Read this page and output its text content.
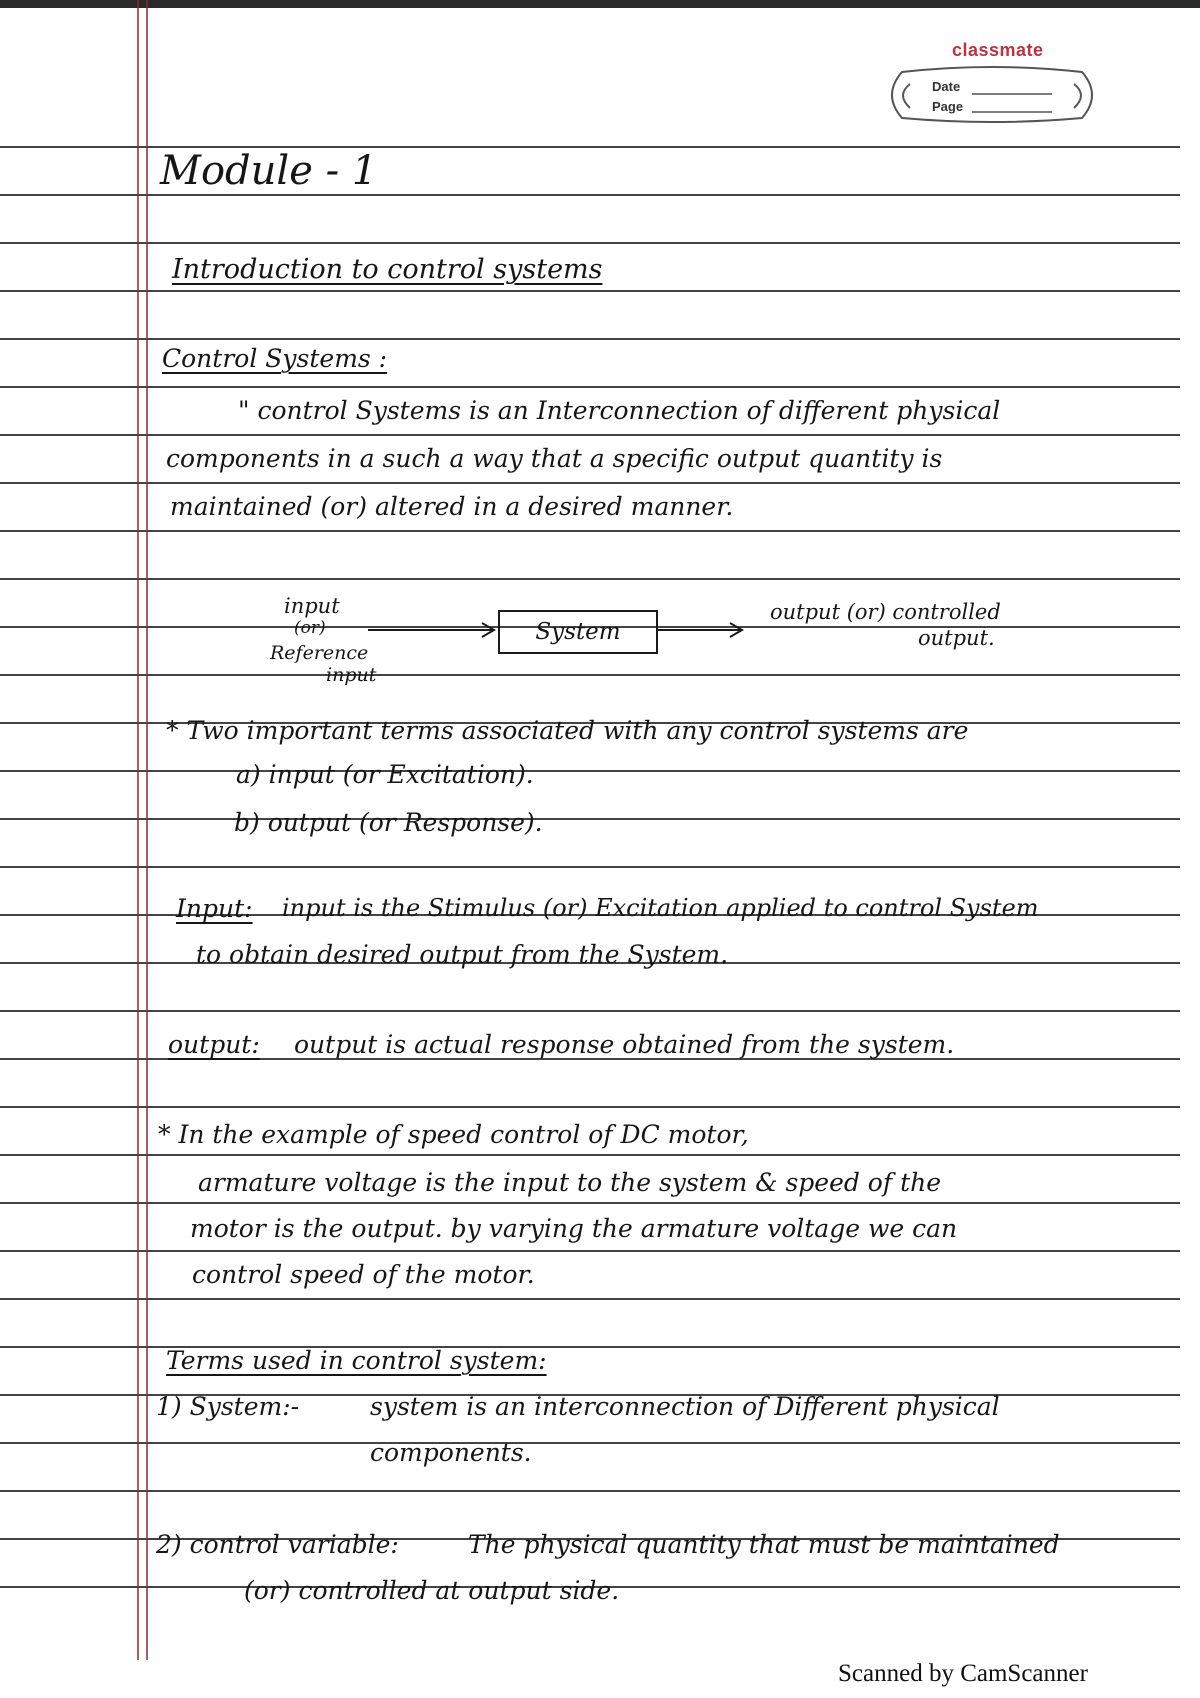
classmate
Date
Page
Module - 1
Introduction to control systems
Control Systems :
" control Systems is an Interconnection of different physical
components in a such a way that a specific output quantity is
maintained (or) altered in a desired manner.
input
(or)
Reference
input
System
output (or) controlled
output.
* Two important terms associated with any control systems are
a) input (or Excitation).
b) output (or Response).
Input: input is the Stimulus (or) Excitation applied to control System
to obtain desired output from the System.
output: output is actual response obtained from the system.
* In the example of speed control of DC motor,
armature voltage is the input to the system & speed of the
motor is the output. by varying the armature voltage we can
control speed of the motor.
Terms used in control system:
1) System:-	system is an interconnection of Different physical
components.
2) control variable:	The physical quantity that must be maintained
(or) controlled at output side.
Scanned by CamScanner
